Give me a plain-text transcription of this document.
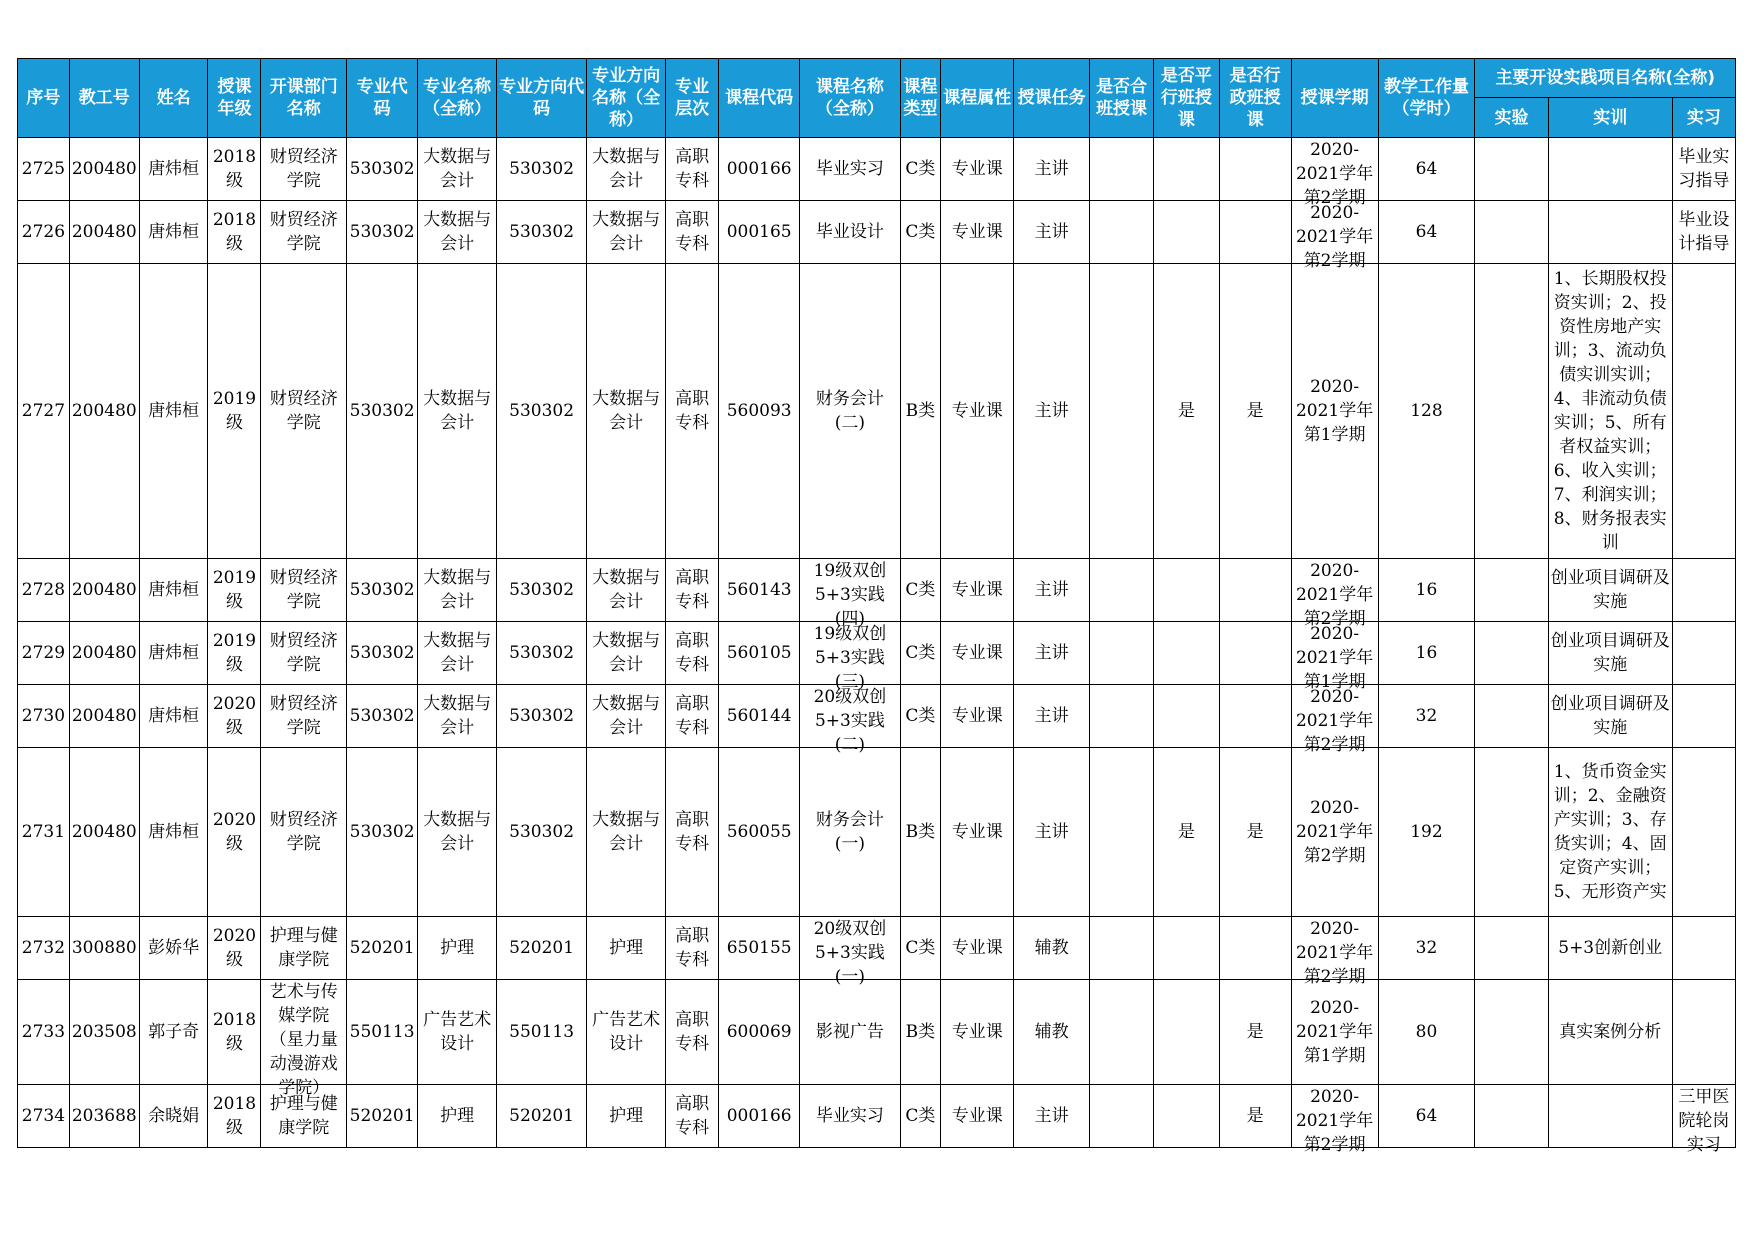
序号	教工号	姓名	授课年级	开课部门名称	专业代码	专业名称（全称）	专业方向代码	专业方向名称（全称）	专业层次	课程代码	课程名称（全称）	课程类型	课程属性	授课任务	是否合班授课	是否平行班授课	是否行政班授课	授课学期	教学工作量（学时）	主要开设实践项目名称(全称)		

																				实验	实训	实习

2725	200480	唐炜桓	2018级	财贸经济学院	530302	大数据与会计	530302	大数据与会计	高职专科	000166	毕业实习	C类	专业课	主讲				2020-2021学年第2学期	64			毕业实习指导

2726	200480	唐炜桓	2018级	财贸经济学院	530302	大数据与会计	530302	大数据与会计	高职专科	000165	毕业设计	C类	专业课	主讲				2020-2021学年第2学期	64			毕业设计指导

2727	200480	唐炜桓	2019级	财贸经济学院	530302	大数据与会计	530302	大数据与会计	高职专科	560093	财务会计(二)	B类	专业课	主讲		是	是	2020-2021学年第1学期	128		1、长期股权投资实训；2、投资性房地产实训；3、流动负债实训实训；4、非流动负债实训；5、所有者权益实训；6、收入实训；7、利润实训；8、财务报表实训	

2728	200480	唐炜桓	2019级	财贸经济学院	530302	大数据与会计	530302	大数据与会计	高职专科	560143	19级双创5+3实践(四)	C类	专业课	主讲				2020-2021学年第2学期	16		创业项目调研及实施	

2729	200480	唐炜桓	2019级	财贸经济学院	530302	大数据与会计	530302	大数据与会计	高职专科	560105	19级双创5+3实践(三)	C类	专业课	主讲				2020-2021学年第1学期	16		创业项目调研及实施	

2730	200480	唐炜桓	2020级	财贸经济学院	530302	大数据与会计	530302	大数据与会计	高职专科	560144	20级双创5+3实践(二)	C类	专业课	主讲				2020-2021学年第2学期	32		创业项目调研及实施	

2731	200480	唐炜桓	2020级	财贸经济学院	530302	大数据与会计	530302	大数据与会计	高职专科	560055	财务会计(一)	B类	专业课	主讲		是	是	2020-2021学年第2学期	192		1、货币资金实训；2、金融资产实训；3、存货实训；4、固定资产实训；5、无形资产实	

2732	300880	彭娇华	2020级	护理与健康学院	520201	护理	520201	护理	高职专科	650155	20级双创5+3实践(一)	C类	专业课	辅教				2020-2021学年第2学期	32		5+3创新创业	

2733	203508	郭子奇	2018级	艺术与传媒学院（星力量动漫游戏学院）	550113	广告艺术设计	550113	广告艺术设计	高职专科	600069	影视广告	B类	专业课	辅教			是	2020-2021学年第1学期	80		真实案例分析	

2734	203688	余晓娟	2018级	护理与健康学院	520201	护理	520201	护理	高职专科	000166	毕业实习	C类	专业课	主讲			是	2020-2021学年第2学期	64			三甲医院轮岗实习
